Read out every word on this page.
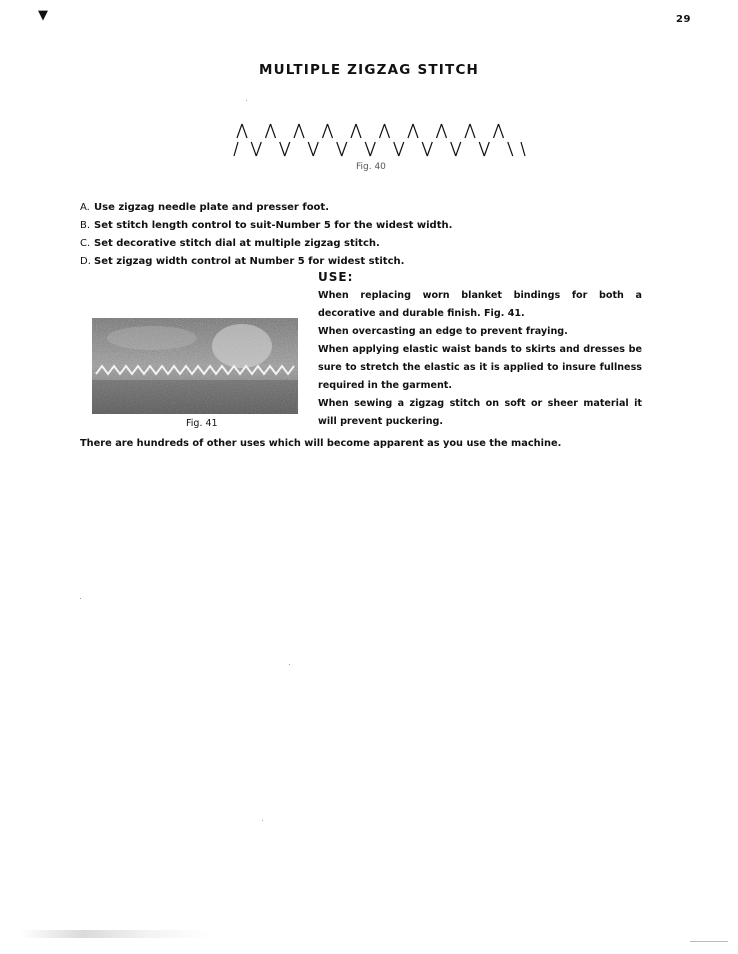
▼	29
MULTIPLE ZIGZAG STITCH
Fig. 40
A. Use zigzag needle plate and presser foot.
B. Set stitch length control to suit-Number 5 for the widest width.
C. Set decorative stitch dial at multiple zigzag stitch.
D. Set zigzag width control at Number 5 for widest stitch.
USE:

When replacing worn blanket bindings for both a decorative and durable finish. Fig. 41.

When overcasting an edge to prevent fraying.

When applying elastic waist bands to skirts and dresses be sure to stretch the elastic as it is applied to insure fullness required in the garment.

When sewing a zigzag stitch on soft or sheer material it will prevent puckering.

Fig. 41
There are hundreds of other uses which will become apparent as you use the machine.
